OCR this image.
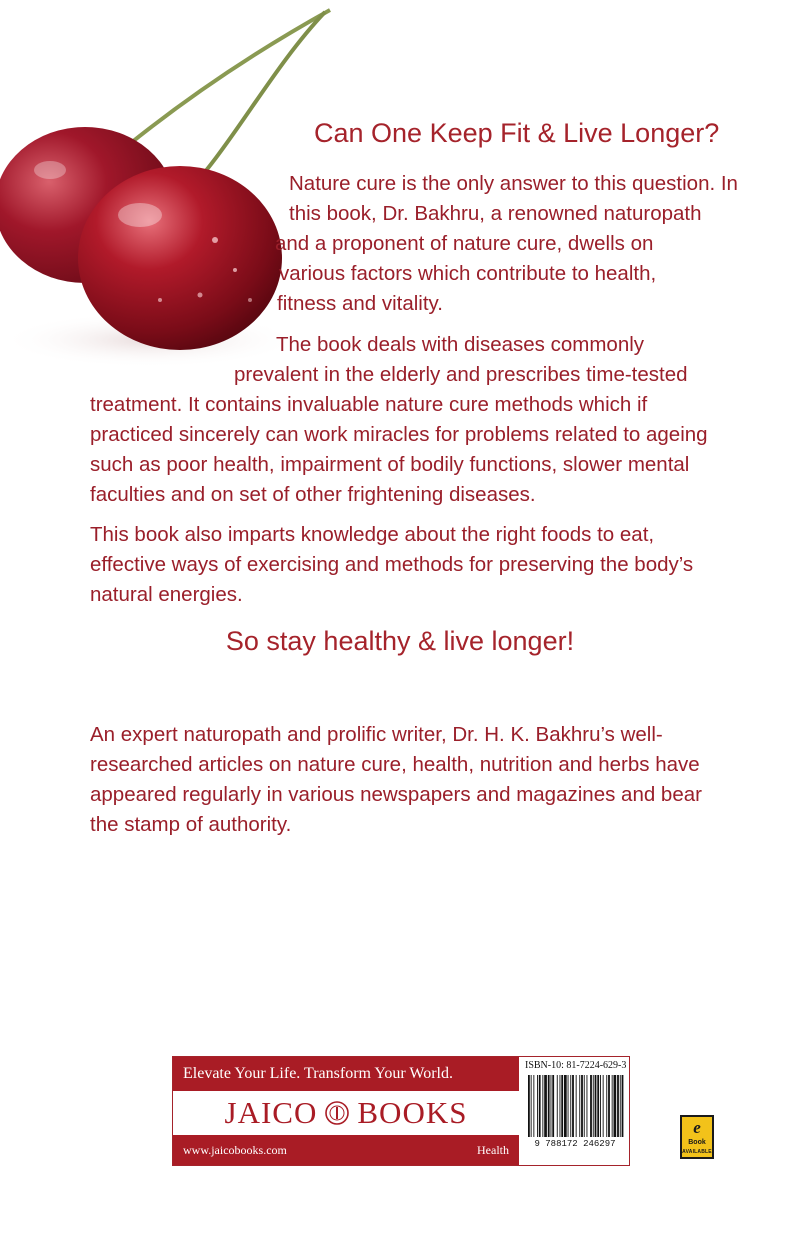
Can One Keep Fit & Live Longer?

Nature cure is the only answer to this question. In
this book, Dr. Bakhru, a renowned naturopath
and a proponent of nature cure, dwells on
various factors which contribute to health,
fitness and vitality.

The book deals with diseases commonly
prevalent in the elderly and prescribes time-tested
treatment. It contains invaluable nature cure methods which if
practiced sincerely can work miracles for problems related to ageing
such as poor health, impairment of bodily functions, slower mental
faculties and on set of other frightening diseases.

This book also imparts knowledge about the right foods to eat,
effective ways of exercising and methods for preserving the body’s
natural energies.

So stay healthy & live longer!

An expert naturopath and prolific writer, Dr. H. K. Bakhru’s well-
researched articles on nature cure, health, nutrition and herbs have
appeared regularly in various newspapers and magazines and bear
the stamp of authority.

Elevate Your Life. Transform Your World.
JAICO BOOKS
www.jaicobooks.com	Health
ISBN-10: 81-7224-629-3
9 788172 246297
e
Book
AVAILABLE
